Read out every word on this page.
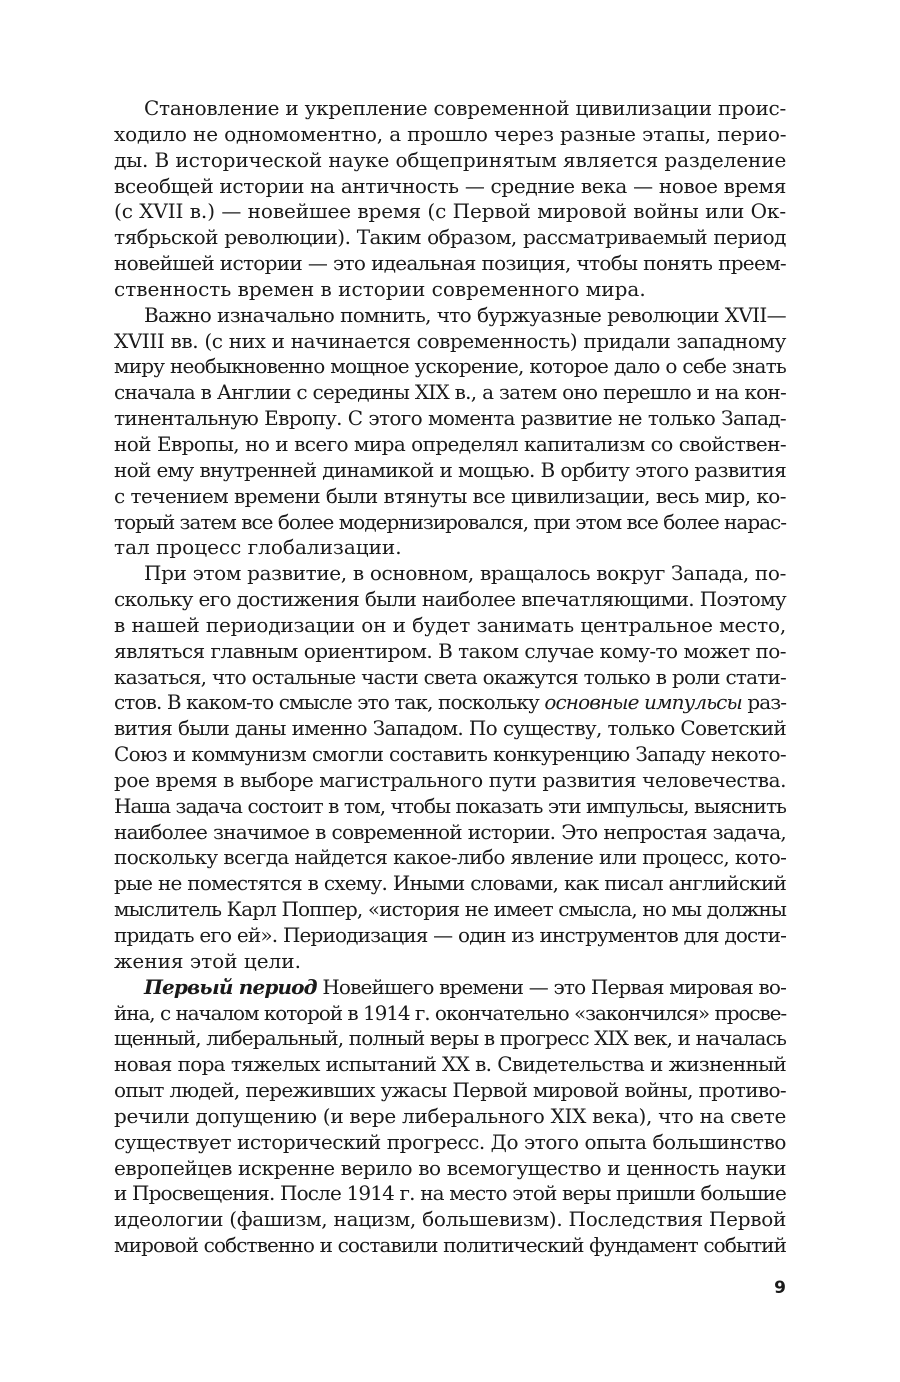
Становление и укрепление современной цивилизации проис-
ходило не одномоментно, а прошло через разные этапы, перио-
ды. В исторической науке общепринятым является разделение
всеобщей истории на античность — средние века — новое время
(с XVII в.) — новейшее время (с Первой мировой войны или Ок-
тябрьской революции). Таким образом, рассматриваемый период
новейшей истории — это идеальная позиция, чтобы понять преем-
ственность времен в истории современного мира.
Важно изначально помнить, что буржуазные революции XVII—
XVIII вв. (с них и начинается современность) придали западному
миру необыкновенно мощное ускорение, которое дало о себе знать
сначала в Англии с середины XIX в., а затем оно перешло и на кон-
тинентальную Европу. С этого момента развитие не только Запад-
ной Европы, но и всего мира определял капитализм со свойствен-
ной ему внутренней динамикой и мощью. В орбиту этого развития
с течением времени были втянуты все цивилизации, весь мир, ко-
торый затем все более модернизировался, при этом все более нарас-
тал процесс глобализации.
При этом развитие, в основном, вращалось вокруг Запада, по-
скольку его достижения были наиболее впечатляющими. Поэтому
в нашей периодизации он и будет занимать центральное место,
являться главным ориентиром. В таком случае кому-то может по-
казаться, что остальные части света окажутся только в роли стати-
стов. В каком-то смысле это так, поскольку основные импульсы раз-
вития были даны именно Западом. По существу, только Советский
Союз и коммунизм смогли составить конкуренцию Западу некото-
рое время в выборе магистрального пути развития человечества.
Наша задача состоит в том, чтобы показать эти импульсы, выяснить
наиболее значимое в современной истории. Это непростая задача,
поскольку всегда найдется какое-либо явление или процесс, кото-
рые не поместятся в схему. Иными словами, как писал английский
мыслитель Карл Поппер, «история не имеет смысла, но мы должны
придать его ей». Периодизация — один из инструментов для дости-
жения этой цели.
Первый период Новейшего времени — это Первая мировая во-
йна, с началом которой в 1914 г. окончательно «закончился» просве-
щенный, либеральный, полный веры в прогресс XIX век, и началась
новая пора тяжелых испытаний XX в. Свидетельства и жизненный
опыт людей, переживших ужасы Первой мировой войны, противо-
речили допущению (и вере либерального XIX века), что на свете
существует исторический прогресс. До этого опыта большинство
европейцев искренне верило во всемогущество и ценность науки
и Просвещения. После 1914 г. на место этой веры пришли большие
идеологии (фашизм, нацизм, большевизм). Последствия Первой
мировой собственно и составили политический фундамент событий
9
